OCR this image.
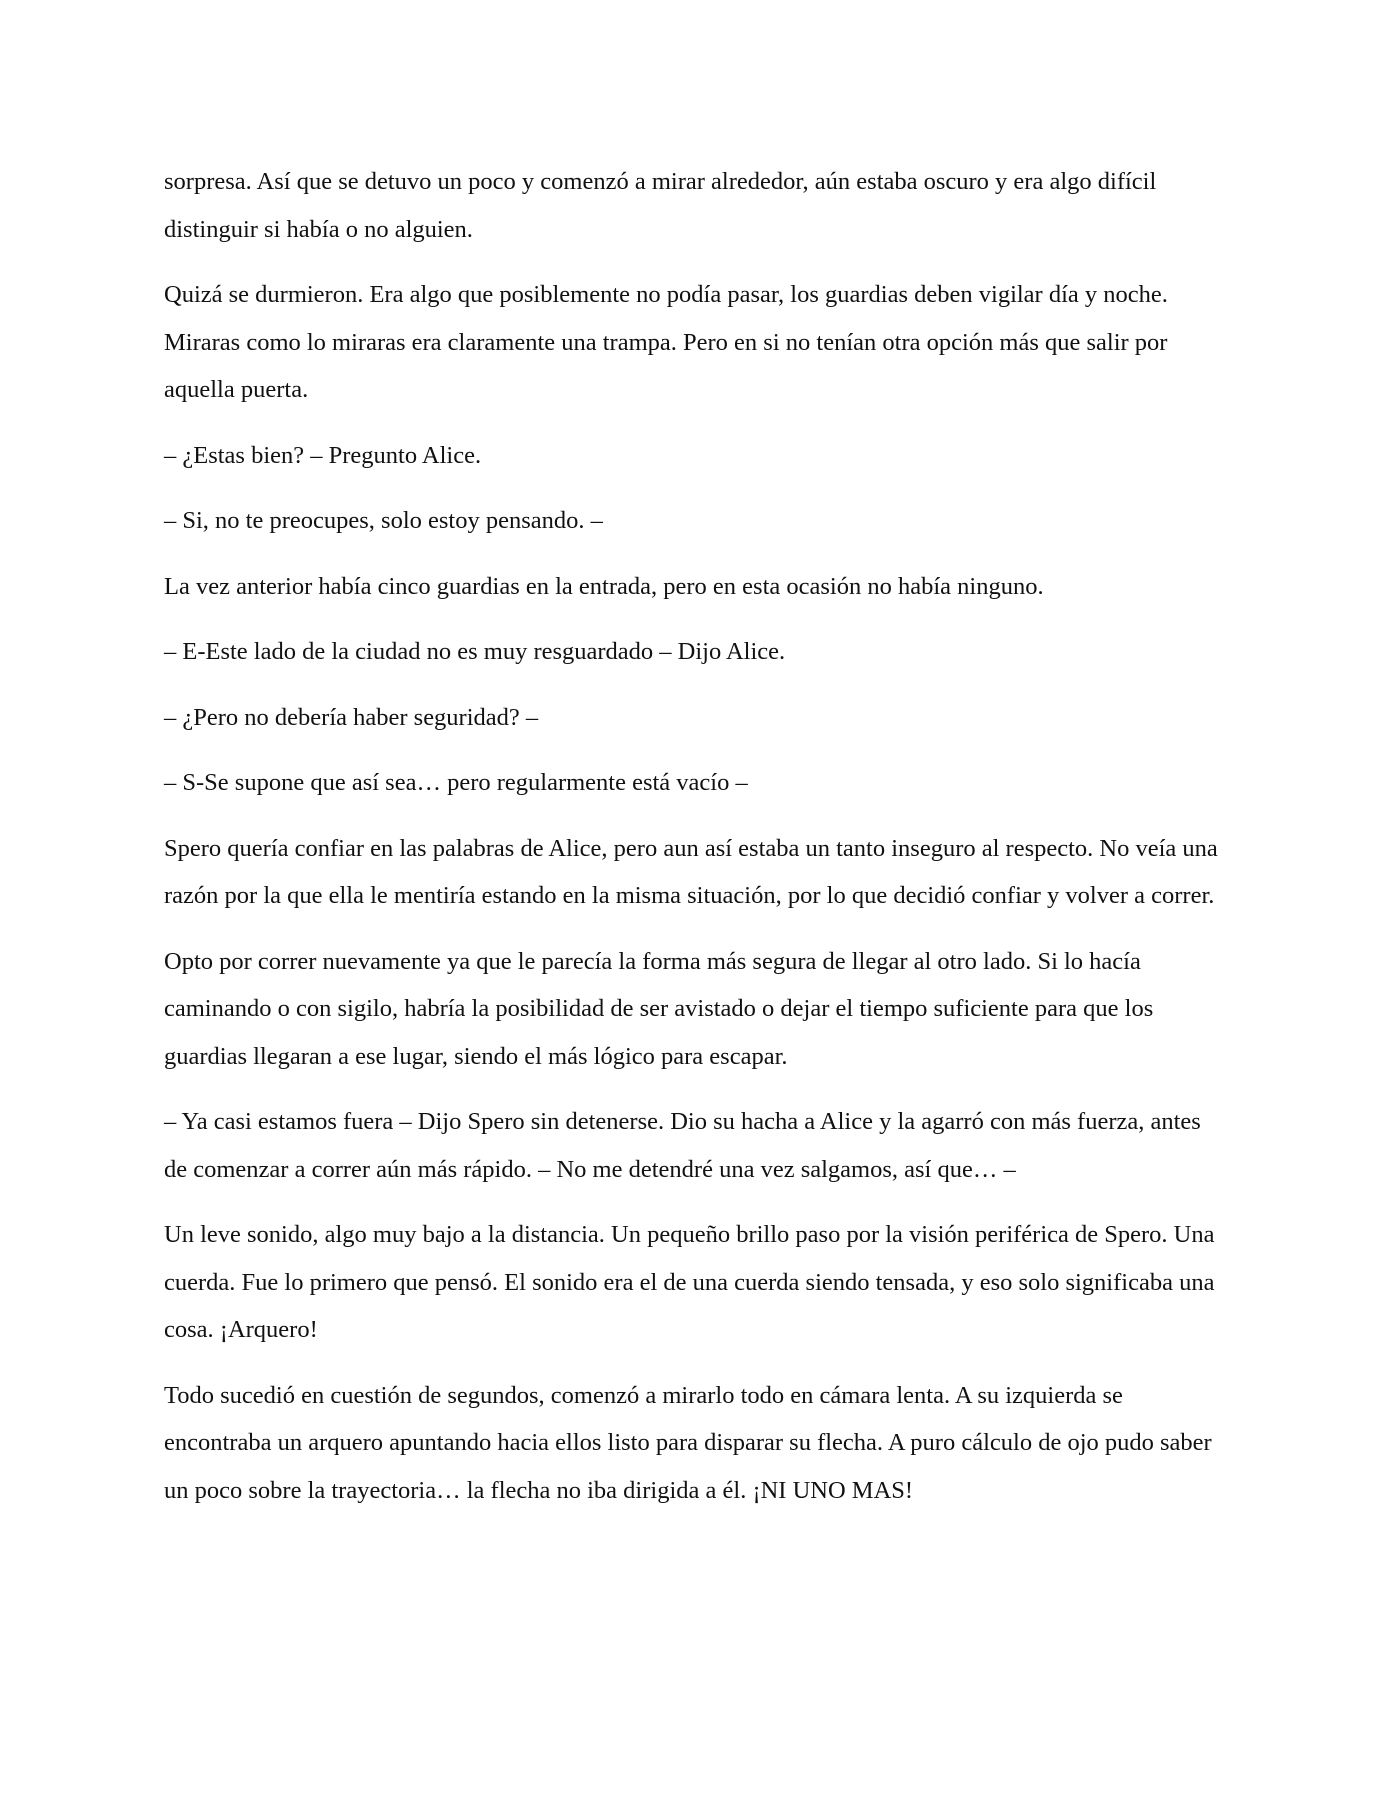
sorpresa. Así que se detuvo un poco y comenzó a mirar alrededor, aún estaba oscuro y era algo difícil distinguir si había o no alguien.

Quizá se durmieron. Era algo que posiblemente no podía pasar, los guardias deben vigilar día y noche. Miraras como lo miraras era claramente una trampa. Pero en si no tenían otra opción más que salir por aquella puerta.

– ¿Estas bien? – Pregunto Alice.

– Si, no te preocupes, solo estoy pensando. –

La vez anterior había cinco guardias en la entrada, pero en esta ocasión no había ninguno.

– E-Este lado de la ciudad no es muy resguardado – Dijo Alice.

– ¿Pero no debería haber seguridad? –

– S-Se supone que así sea… pero regularmente está vacío –

Spero quería confiar en las palabras de Alice, pero aun así estaba un tanto inseguro al respecto. No veía una razón por la que ella le mentiría estando en la misma situación, por lo que decidió confiar y volver a correr.

Opto por correr nuevamente ya que le parecía la forma más segura de llegar al otro lado. Si lo hacía caminando o con sigilo, habría la posibilidad de ser avistado o dejar el tiempo suficiente para que los guardias llegaran a ese lugar, siendo el más lógico para escapar.

– Ya casi estamos fuera – Dijo Spero sin detenerse. Dio su hacha a Alice y la agarró con más fuerza, antes de comenzar a correr aún más rápido. – No me detendré una vez salgamos, así que… –

Un leve sonido, algo muy bajo a la distancia. Un pequeño brillo paso por la visión periférica de Spero. Una cuerda. Fue lo primero que pensó. El sonido era el de una cuerda siendo tensada, y eso solo significaba una cosa. ¡Arquero!

Todo sucedió en cuestión de segundos, comenzó a mirarlo todo en cámara lenta. A su izquierda se encontraba un arquero apuntando hacia ellos listo para disparar su flecha. A puro cálculo de ojo pudo saber un poco sobre la trayectoria… la flecha no iba dirigida a él. ¡NI UNO MAS!
